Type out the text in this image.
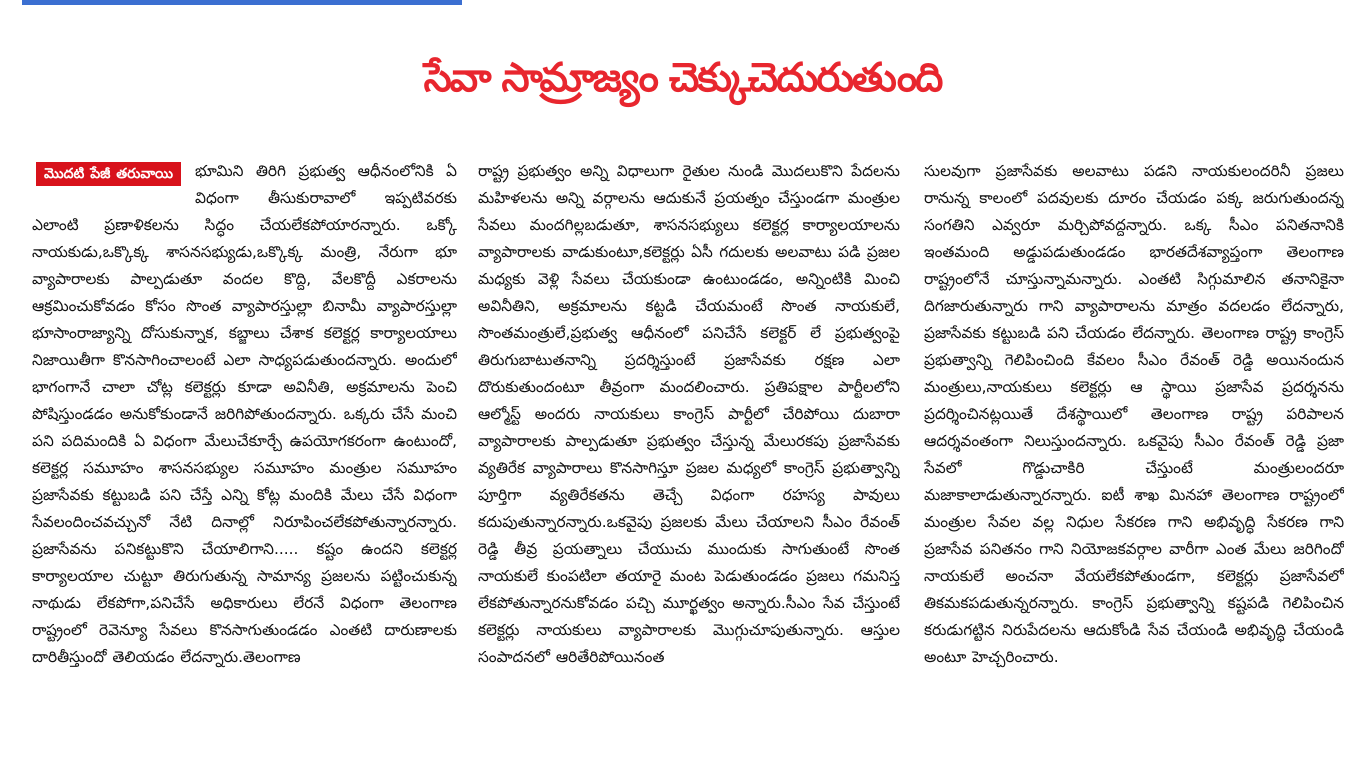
సేవా సామ్రాజ్యం చెక్కుచెదురుతుంది
మొదటి పేజీ తరువాయి	భూమిని తిరిగి ప్రభుత్వ ఆధీనంలోనికి ఏ విధంగా తీసుకురావాలో ఇప్పటివరకు ఎలాంటి ప్రణాళికలను సిద్ధం చేయలేకపోయారన్నారు. ఒక్కో నాయకుడు,ఒక్కొక్క శాసనసభ్యుడు,ఒక్కొక్క మంత్రి, నేరుగా భూ వ్యాపారాలకు పాల్పడుతూ వందల కొద్ది, వేలకొద్దీ ఎకరాలను ఆక్రమించుకోవడం కోసం సొంత వ్యాపారస్తుల్లా బినామీ వ్యాపారస్తుల్లా భూసాంరాజ్యాన్ని దోసుకున్నాక, కబ్జాలు చేశాక కలెక్టర్ల కార్యాలయాలు నిజాయితీగా కొనసాగించాలంటే ఎలా సాధ్యపడుతుందన్నారు. అందులో భాగంగానే చాలా చోట్ల కలెక్టర్లు కూడా అవినీతి, అక్రమాలను పెంచి పోషిస్తుండడం అనుకోకుండానే జరిగిపోతుందన్నారు. ఒక్కరు చేసే మంచి పని పదిమందికి ఏ విధంగా మేలుచేకూర్చే ఉపయోగకరంగా ఉంటుందో, కలెక్టర్ల సమూహం శాసనసభ్యుల సమూహం మంత్రుల సమూహం ప్రజాసేవకు కట్టుబడి పని చేస్తే ఎన్ని కోట్ల మందికి మేలు చేసే విధంగా సేవలందించవచ్చునో నేటి దినాల్లో నిరూపించలేకపోతున్నారన్నారు. ప్రజాసేవను పనికట్టుకొని చేయాలిగాని..... కష్టం ఉందని కలెక్టర్ల కార్యాలయాల చుట్టూ తిరుగుతున్న సామాన్య ప్రజలను పట్టించుకున్న నాథుడు లేకపోగా,పనిచేసే అధికారులు లేరనే విధంగా తెలంగాణ రాష్ట్రంలో రెవెన్యూ సేవలు కొనసాగుతుండడం ఎంతటి దారుణాలకు దారితీస్తుందో తెలియడం లేదన్నారు.తెలంగాణ
రాష్ట్ర ప్రభుత్వం అన్ని విధాలుగా రైతుల నుండి మొదలుకొని పేదలను మహిళలను అన్ని వర్గాలను ఆదుకునే ప్రయత్నం చేస్తుండగా మంత్రుల సేవలు మందగిల్లబడుతూ, శాసనసభ్యులు కలెక్టర్ల కార్యాలయాలను వ్యాపారాలకు వాడుకుంటూ,కలెక్టర్లు ఏసీ గదులకు అలవాటు పడి ప్రజల మధ్యకు వెళ్లి సేవలు చేయకుండా ఉంటుండడం, అన్నింటికి మించి అవినీతిని, అక్రమాలను కట్టడి చేయమంటే సొంత నాయకులే, సొంతమంత్రులే,ప్రభుత్వ ఆధీనంలో పనిచేసే కలెక్టర్ లే ప్రభుత్వంపై తిరుగుబాటుతనాన్ని ప్రదర్శిస్తుంటే ప్రజాసేవకు రక్షణ ఎలా దొరుకుతుందంటూ తీవ్రంగా మందలించారు. ప్రతిపక్షాల పార్టీలలోని ఆల్మోస్ట్ అందరు నాయకులు కాంగ్రెస్ పార్టీలో చేరిపోయి దుబారా వ్యాపారాలకు పాల్పడుతూ ప్రభుత్వం చేస్తున్న మేలురకపు ప్రజాసేవకు వ్యతిరేక వ్యాపారాలు కొనసాగిస్తూ ప్రజల మధ్యలో కాంగ్రెస్ ప్రభుత్వాన్ని పూర్తిగా వ్యతిరేకతను తెచ్చే విధంగా రహస్య పావులు కదుపుతున్నారన్నారు.ఒకవైపు ప్రజలకు మేలు చేయాలని సీఎం రేవంత్ రెడ్డి తీవ్ర ప్రయత్నాలు చేయుచు ముందుకు సాగుతుంటే సొంత నాయకులే కుంపటిలా తయారై మంట పెడుతుండడం ప్రజలు గమనిస్త లేకపోతున్నారనుకోవడం పచ్చి మూర్ఖత్వం అన్నారు.సీఎం సేవ చేస్తుంటే కలెక్టర్లు నాయకులు వ్యాపారాలకు మొగ్గుచూపుతున్నారు. ఆస్తుల సంపాదనలో ఆరితేరిపోయినంత
సులవుగా ప్రజాసేవకు అలవాటు పడని నాయకులందరినీ ప్రజలు రానున్న కాలంలో పదవులకు దూరం చేయడం పక్క జరుగుతుందన్న సంగతిని ఎవ్వరూ మర్చిపోవద్దన్నారు. ఒక్క సీఎం పనితనానికి ఇంతమంది అడ్డుపడుతుండడం భారతదేశవ్యాప్తంగా తెలంగాణ రాష్ట్రంలోనే చూస్తున్నామన్నారు. ఎంతటి సిగ్గుమాలిన తనానికైనా దిగజారుతున్నారు గాని వ్యాపారాలను మాత్రం వదలడం లేదన్నారు, ప్రజాసేవకు కట్టుబడి పని చేయడం లేదన్నారు. తెలంగాణ రాష్ట్ర కాంగ్రెస్ ప్రభుత్వాన్ని గెలిపించింది కేవలం సీఎం రేవంత్ రెడ్డి అయినందున మంత్రులు,నాయకులు కలెక్టర్లు ఆ స్థాయి ప్రజాసేవ ప్రదర్శనను ప్రదర్శించినట్లయితే దేశస్థాయిలో తెలంగాణ రాష్ట్ర పరిపాలన ఆదర్శవంతంగా నిలుస్తుందన్నారు. ఒకవైపు సీఎం రేవంత్ రెడ్డి ప్రజా సేవలో గొడ్డుచాకిరి చేస్తుంటే మంత్రులందరూ మజాకాలాడుతున్నారన్నారు. ఐటీ శాఖ మినహా తెలంగాణ రాష్ట్రంలో మంత్రుల సేవల వల్ల నిధుల సేకరణ గాని అభివృద్ధి సేకరణ గాని ప్రజాసేవ పనితనం గాని నియోజకవర్గాల వారీగా ఎంత మేలు జరిగిందో నాయకులే అంచనా వేయలేకపోతుండగా, కలెక్టర్లు ప్రజాసేవలో తికమకపడుతున్నరన్నారు. కాంగ్రెస్ ప్రభుత్వాన్ని కష్టపడి గెలిపించిన కరుడుగట్టిన నిరుపేదలను ఆదుకోండి సేవ చేయండి అభివృద్ధి చేయండి అంటూ హెచ్చరించారు.
